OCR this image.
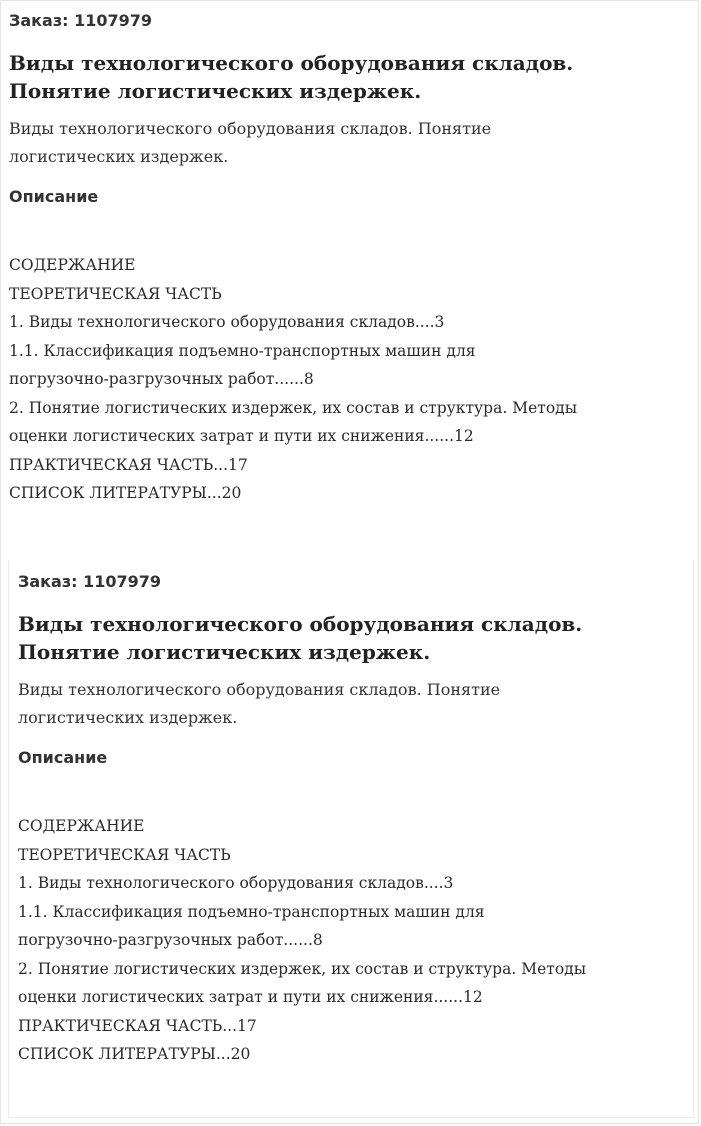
Заказ: 1107979

Виды технологического оборудования складов.
Понятие логистических издержек.

Виды технологического оборудования складов. Понятие
логистических издержек.

Описание
СОДЕРЖАНИЕ
ТЕОРЕТИЧЕСКАЯ ЧАСТЬ
1. Виды технологического оборудования складов....3
1.1. Классификация подъемно-транспортных машин для
погрузочно-разгрузочных работ......8
2. Понятие логистических издержек, их состав и структура. Методы
оценки логистических затрат и пути их снижения......12
ПРАКТИЧЕСКАЯ ЧАСТЬ...17
СПИСОК ЛИТЕРАТУРЫ...20

Заказ: 1107979

Виды технологического оборудования складов.
Понятие логистических издержек.

Виды технологического оборудования складов. Понятие
логистических издержек.

Описание
СОДЕРЖАНИЕ
ТЕОРЕТИЧЕСКАЯ ЧАСТЬ
1. Виды технологического оборудования складов....3
1.1. Классификация подъемно-транспортных машин для
погрузочно-разгрузочных работ......8
2. Понятие логистических издержек, их состав и структура. Методы
оценки логистических затрат и пути их снижения......12
ПРАКТИЧЕСКАЯ ЧАСТЬ...17
СПИСОК ЛИТЕРАТУРЫ...20
